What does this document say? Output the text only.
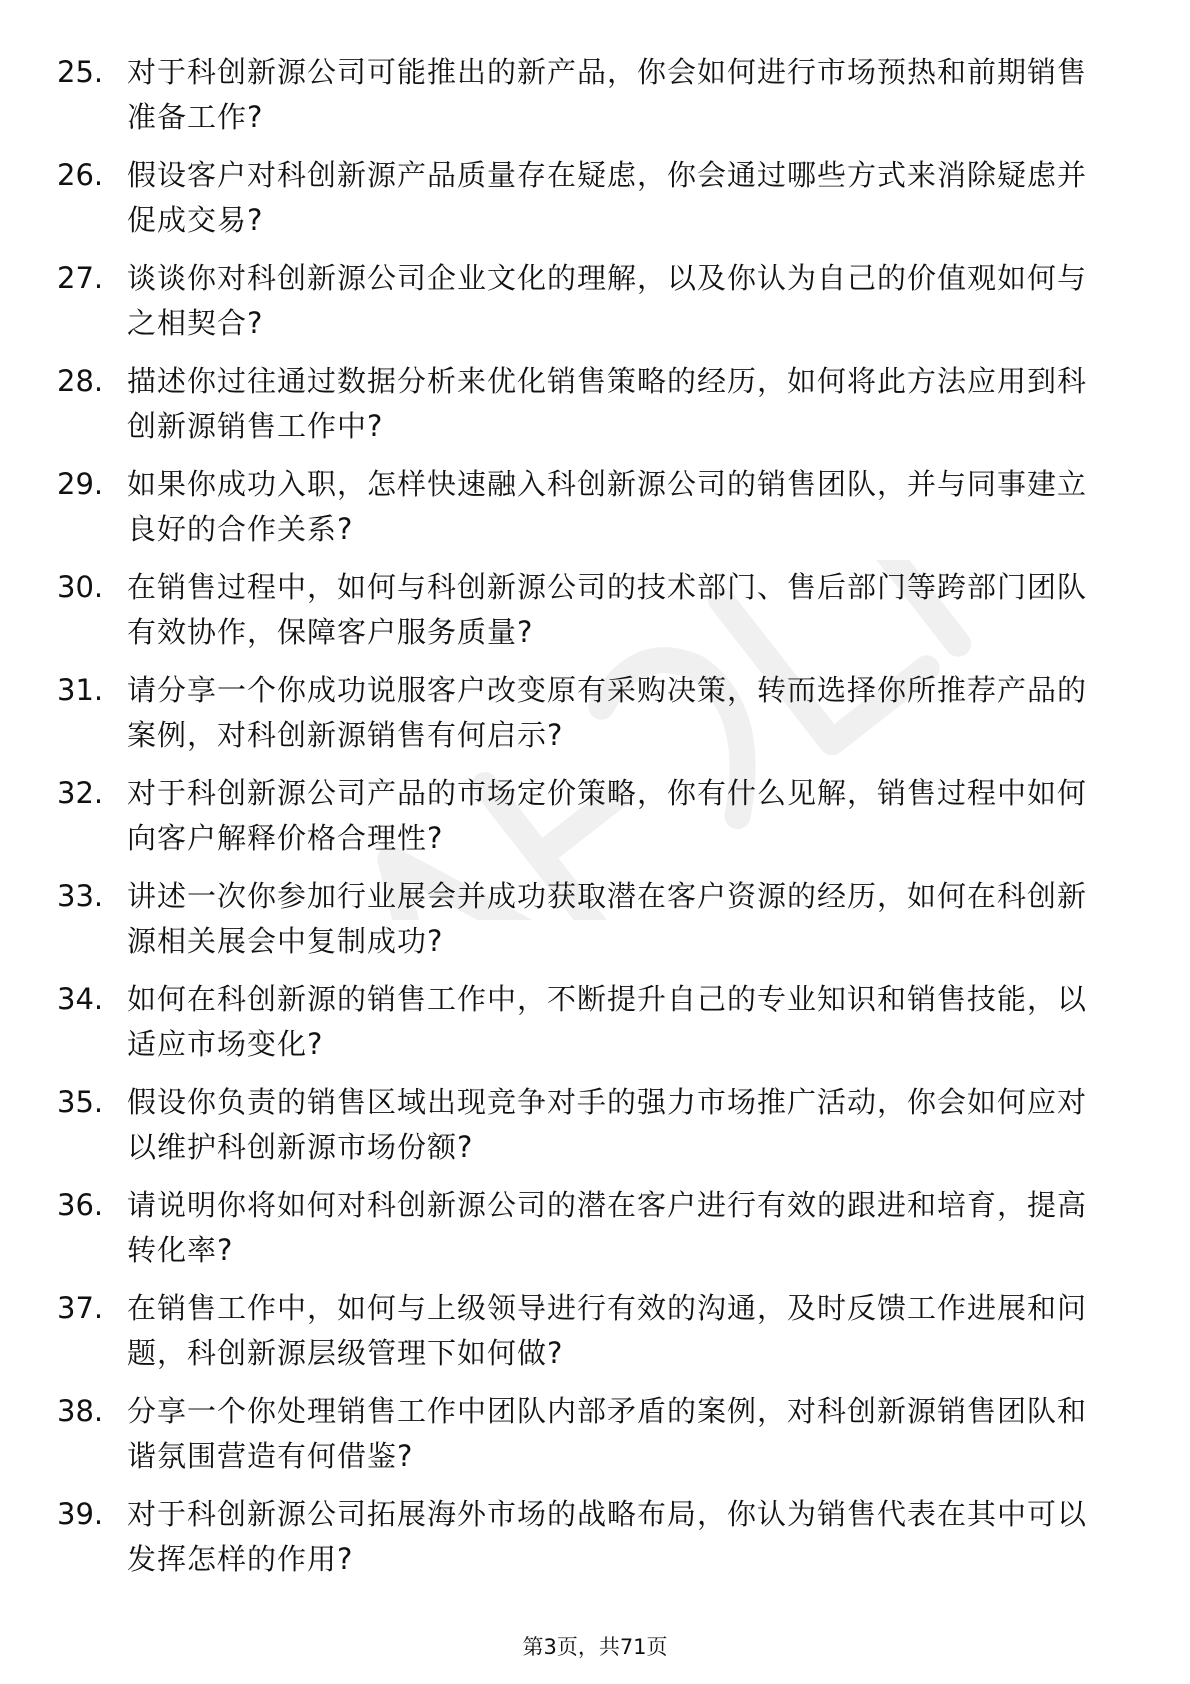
25. 对于科创新源公司可能推出的新产品，你会如何进行市场预热和前期销售准备工作?
26. 假设客户对科创新源产品质量存在疑虑，你会通过哪些方式来消除疑虑并促成交易?
27. 谈谈你对科创新源公司企业文化的理解，以及你认为自己的价值观如何与之相契合?
28. 描述你过往通过数据分析来优化销售策略的经历，如何将此方法应用到科创新源销售工作中?
29. 如果你成功入职，怎样快速融入科创新源公司的销售团队，并与同事建立良好的合作关系?
30. 在销售过程中，如何与科创新源公司的技术部门、售后部门等跨部门团队有效协作，保障客户服务质量?
31. 请分享一个你成功说服客户改变原有采购决策，转而选择你所推荐产品的案例，对科创新源销售有何启示?
32. 对于科创新源公司产品的市场定价策略，你有什么见解，销售过程中如何向客户解释价格合理性?
33. 讲述一次你参加行业展会并成功获取潜在客户资源的经历，如何在科创新源相关展会中复制成功?
34. 如何在科创新源的销售工作中，不断提升自己的专业知识和销售技能，以适应市场变化?
35. 假设你负责的销售区域出现竞争对手的强力市场推广活动，你会如何应对以维护科创新源市场份额?
36. 请说明你将如何对科创新源公司的潜在客户进行有效的跟进和培育，提高转化率?
37. 在销售工作中，如何与上级领导进行有效的沟通，及时反馈工作进展和问题，科创新源层级管理下如何做?
38. 分享一个你处理销售工作中团队内部矛盾的案例，对科创新源销售团队和谐氛围营造有何借鉴?
39. 对于科创新源公司拓展海外市场的战略布局，你认为销售代表在其中可以发挥怎样的作用?
第3页，共71页
